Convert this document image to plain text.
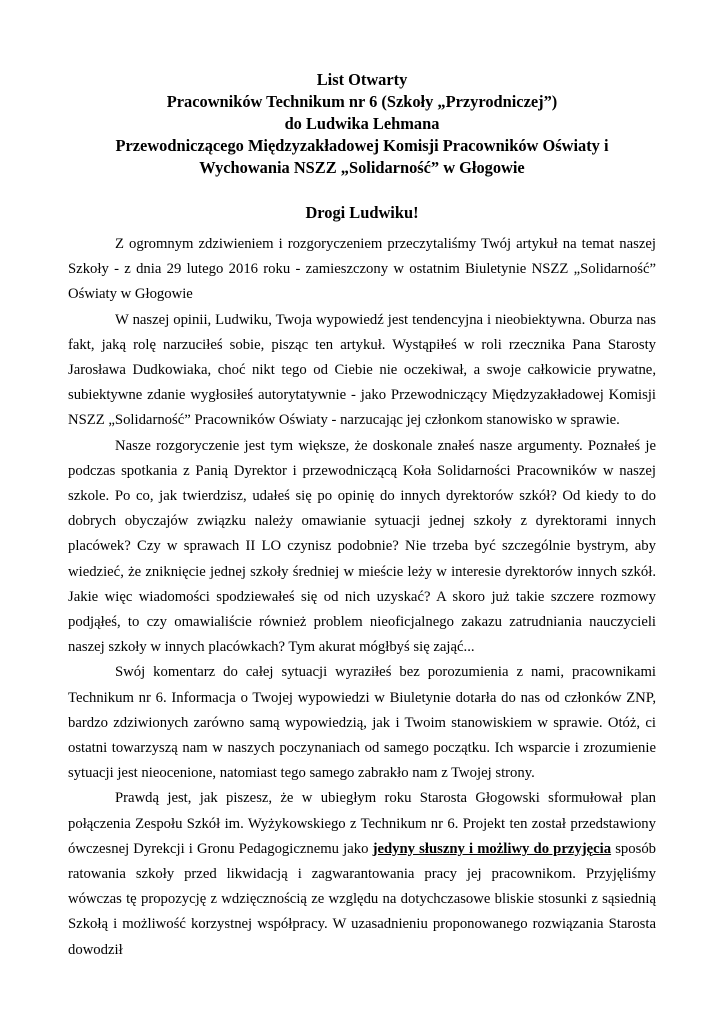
List Otwarty
Pracowników Technikum nr 6 (Szkoły „Przyrodniczej”)
do Ludwika Lehmana
Przewodniczącego Międzyzakładowej Komisji Pracowników Oświaty i
Wychowania NSZZ „Solidarność” w Głogowie
Drogi Ludwiku!

Z ogromnym zdziwieniem i rozgoryczeniem przeczytaliśmy Twój artykuł na temat naszej Szkoły - z dnia 29 lutego 2016 roku - zamieszczony w ostatnim Biuletynie NSZZ „Solidarność” Oświaty w Głogowie

W naszej opinii, Ludwiku, Twoja wypowiedź jest tendencyjna i nieobiektywna. Oburza nas fakt, jaką rolę narzuciłeś sobie, pisząc ten artykuł. Wystąpiłeś w roli rzecznika Pana Starosty Jarosława Dudkowiaka, choć nikt tego od Ciebie nie oczekiwał, a swoje całkowicie prywatne, subiektywne zdanie wygłosiłeś autorytatywnie - jako Przewodniczący Międzyzakładowej Komisji NSZZ „Solidarność” Pracowników Oświaty - narzucając jej członkom stanowisko w sprawie.

Nasze rozgoryczenie jest tym większe, że doskonale znałeś nasze argumenty. Poznałeś je podczas spotkania z Panią Dyrektor i przewodniczącą Koła Solidarności Pracowników w naszej szkole. Po co, jak twierdzisz, udałeś się po opinię do innych dyrektorów szkół? Od kiedy to do dobrych obyczajów związku należy omawianie sytuacji jednej szkoły z dyrektorami innych placówek? Czy w sprawach II LO czynisz podobnie? Nie trzeba być szczególnie bystrym, aby wiedzieć, że zniknięcie jednej szkoły średniej w mieście leży w interesie dyrektorów innych szkół. Jakie więc wiadomości spodziewałeś się od nich uzyskać? A skoro już takie szczere rozmowy podjąłeś, to czy omawialiście również problem nieoficjalnego zakazu zatrudniania nauczycieli naszej szkoły w innych placówkach? Tym akurat mógłbyś się zająć...

Swój komentarz do całej sytuacji wyraziłeś bez porozumienia z nami, pracownikami Technikum nr 6. Informacja o Twojej wypowiedzi w Biuletynie dotarła do nas od członków ZNP, bardzo zdziwionych zarówno samą wypowiedzią, jak i Twoim stanowiskiem w sprawie. Otóż, ci ostatni towarzyszą nam w naszych poczynaniach od samego początku. Ich wsparcie i zrozumienie sytuacji jest nieocenione, natomiast tego samego zabrakło nam z Twojej strony.

Prawdą jest, jak piszesz, że w ubiegłym roku Starosta Głogowski sformułował plan połączenia Zespołu Szkół im. Wyżykowskiego z Technikum nr 6. Projekt ten został przedstawiony ówczesnej Dyrekcji i Gronu Pedagogicznemu jako jedyny słuszny i możliwy do przyjęcia sposób ratowania szkoły przed likwidacją i zagwarantowania pracy jej pracownikom. Przyjęliśmy wówczas tę propozycję z wdzięcznością ze względu na dotychczasowe bliskie stosunki z sąsiednią Szkołą i możliwość korzystnej współpracy. W uzasadnieniu proponowanego rozwiązania Starosta dowodził
